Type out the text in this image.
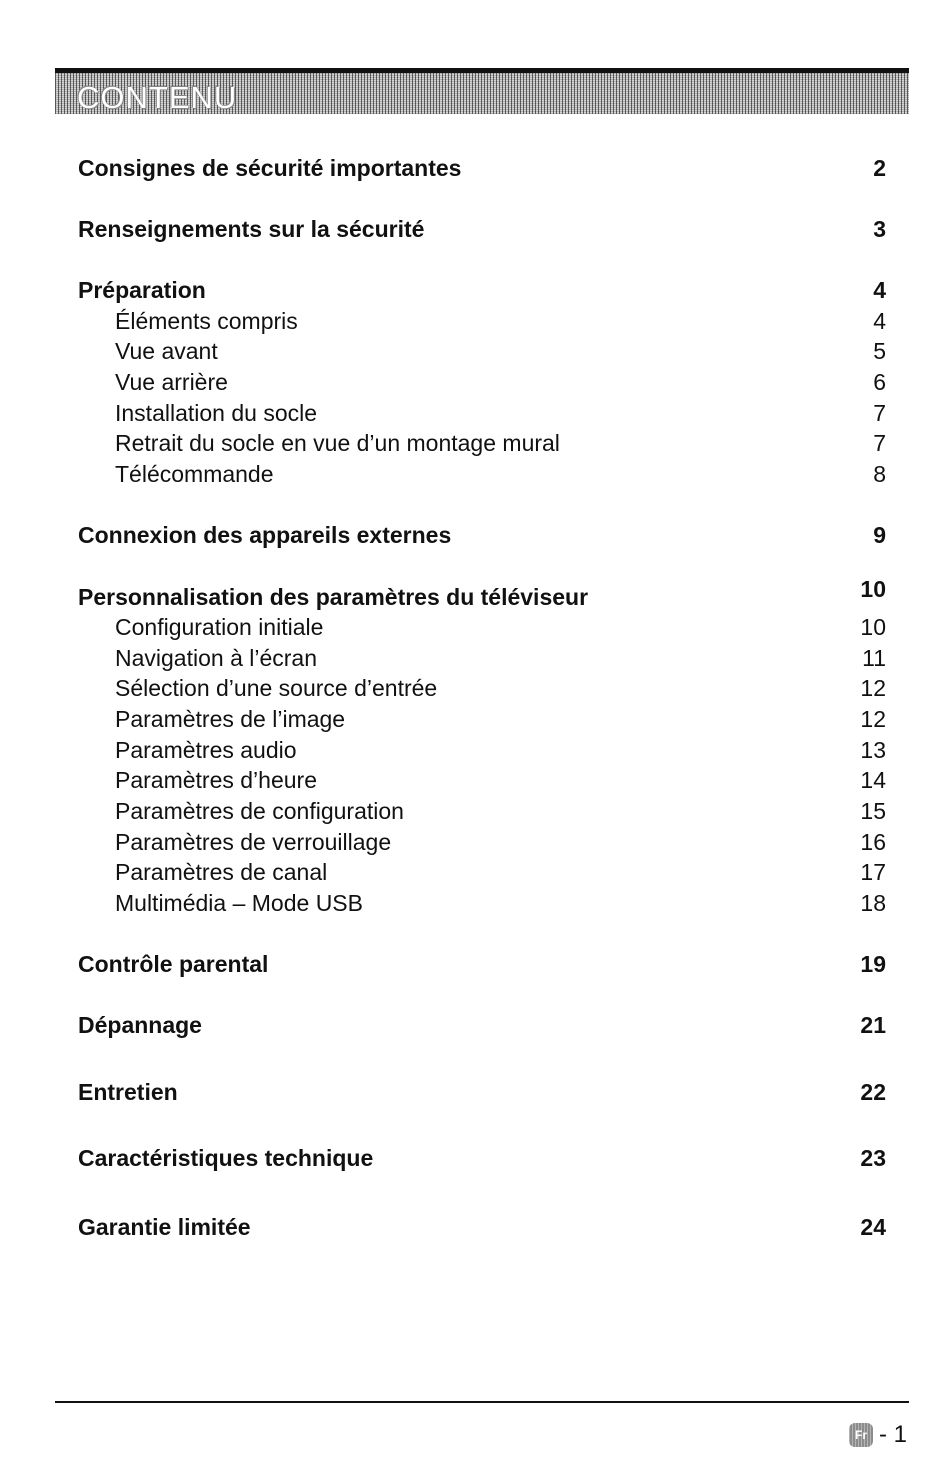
CONTENU
Consignes de sécurité importantes	2
Renseignements sur la sécurité	3
Préparation	4
Éléments compris	4
Vue avant	5
Vue arrière	6
Installation du socle	7
Retrait du socle en vue d’un montage mural	7
Télécommande	8
Connexion des appareils externes	9
Personnalisation des paramètres du téléviseur	10
Configuration initiale	10
Navigation à l’écran	11
Sélection d’une source d’entrée	12
Paramètres de l’image	12
Paramètres audio	13
Paramètres d’heure	14
Paramètres de configuration	15
Paramètres de verrouillage	16
Paramètres de canal	17
Multimédia – Mode USB	18
Contrôle parental	19
Dépannage	21
Entretien	22
Caractéristiques technique	23
Garantie limitée	24
Fr - 1
